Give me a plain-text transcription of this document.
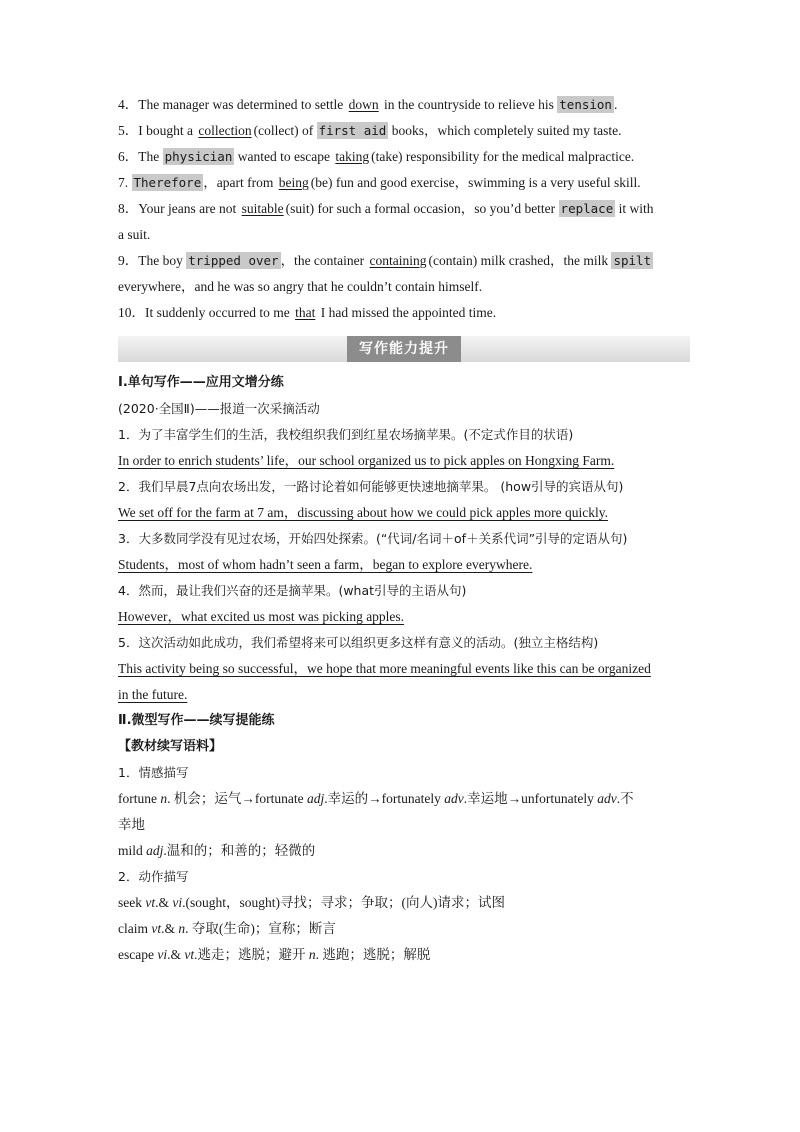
4．The manager was determined to settle down in the countryside to relieve his tension .
5．I bought a collection (collect) of first aid books，which completely suited my taste.
6．The physician wanted to escape taking (take) responsibility for the medical malpractice.
7. Therefore ，apart from being (be) fun and good exercise，swimming is a very useful skill.
8．Your jeans are not suitable (suit) for such a formal occasion，so you’d better replace it with
a suit.
9．The boy tripped over ，the container containing (contain) milk crashed，the milk spilt
everywhere，and he was so angry that he couldn’t contain himself.
10．It suddenly occurred to me that I had missed the appointed time.
写作能力提升
Ⅰ.单句写作——应用文增分练
(2020·全国Ⅱ)——报道一次采摘活动
1．为了丰富学生们的生活，我校组织我们到红星农场摘苹果。(不定式作目的状语)
In order to enrich students’ life，our school organized us to pick apples on Hongxing Farm.
2．我们早晨7点向农场出发，一路讨论着如何能够更快速地摘苹果。 (how引导的宾语从句)
We set off for the farm at 7 am，discussing about how we could pick apples more quickly.
3．大多数同学没有见过农场，开始四处探索。(“代词/名词＋of＋关系代词”引导的定语从句)
Students，most of whom hadn’t seen a farm，began to explore everywhere.
4．然而，最让我们兴奋的还是摘苹果。(what引导的主语从句)
However，what excited us most was picking apples.
5．这次活动如此成功，我们希望将来可以组织更多这样有意义的活动。(独立主格结构)
This activity being so successful，we hope that more meaningful events like this can be organized
in the future.
Ⅱ.微型写作——续写提能练
【教材续写语料】
1．情感描写
fortune n. 机会；运气→fortunate adj.幸运的→fortunately adv.幸运地→unfortunately adv.不
幸地
mild adj.温和的；和善的；轻微的
2．动作描写
seek vt.& vi.(sought，sought)寻找；寻求；争取；(向人)请求；试图
claim vt.& n. 夺取(生命)；宣称；断言
escape vi.& vt.逃走；逃脱；避开 n. 逃跑；逃脱；解脱
